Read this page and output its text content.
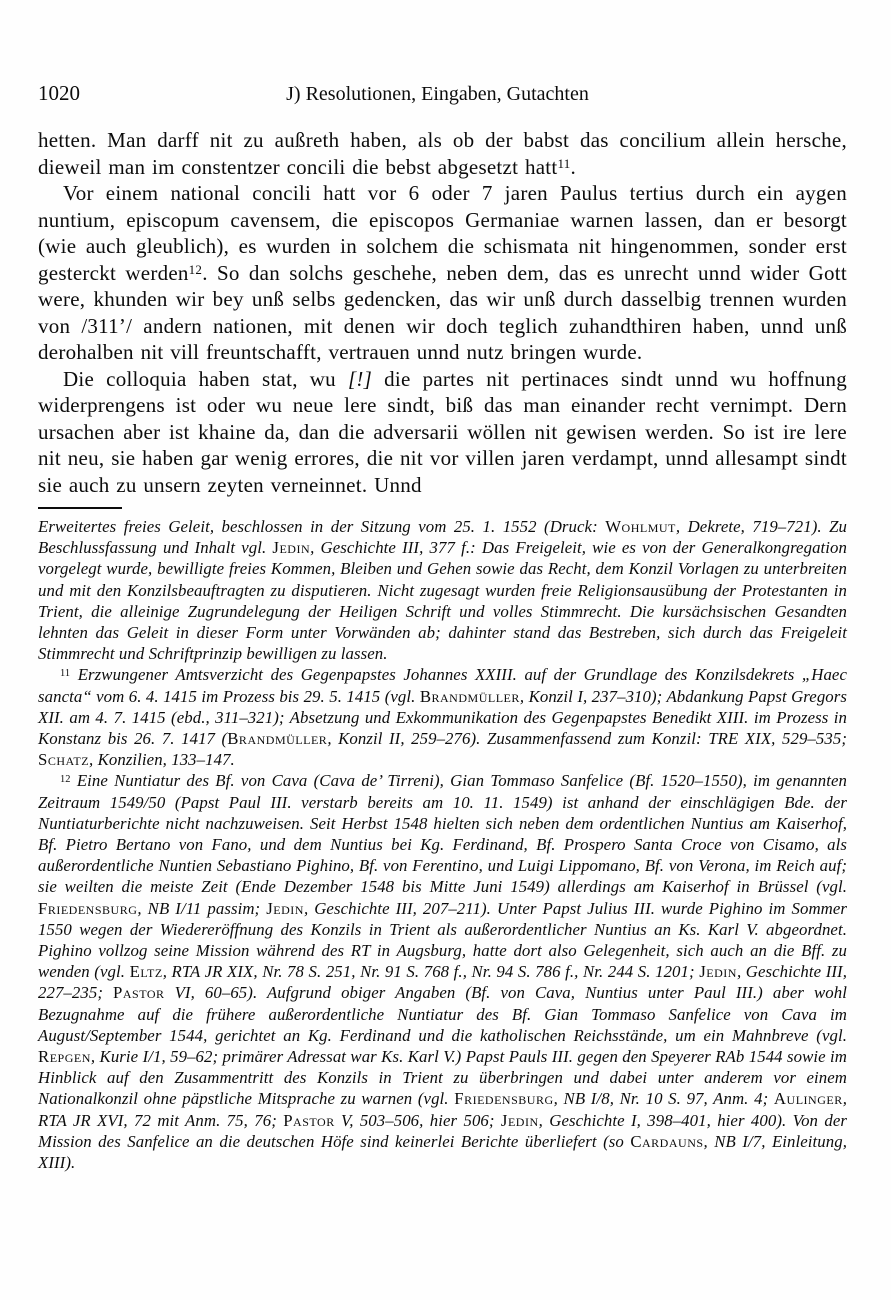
1020	J) Resolutionen, Eingaben, Gutachten

hetten. Man darff nit zu außreth haben, als ob der babst das concilium allein hersche, dieweil man im constentzer concili die bebst abgesetzt hatt$^{11}$.

Vor einem national concili hatt vor 6 oder 7 jaren Paulus tertius durch ein aygen nuntium, episcopum cavensem, die episcopos Germaniae warnen lassen, dan er besorgt (wie auch gleublich), es wurden in solchem die schismata nit hingenommen, sonder erst gesterckt werden$^{12}$. So dan solchs geschehe, neben dem, das es unrecht unnd wider Gott were, khunden wir bey unß selbs gedencken, das wir unß durch dasselbig trennen wurden von /311’/ andern nationen, mit denen wir doch teglich zuhandthiren haben, unnd unß derohalben nit vill freuntschafft, vertrauen unnd nutz bringen wurde.

Die colloquia haben stat, wu [!] die partes nit pertinaces sindt unnd wu hoffnung widerprengens ist oder wu neue lere sindt, biß das man einander recht vernimpt. Dern ursachen aber ist khaine da, dan die adversarii wöllen nit gewisen werden. So ist ire lere nit neu, sie haben gar wenig errores, die nit vor villen jaren verdampt, unnd allesampt sindt sie auch zu unsern zeyten verneinnet. Unnd

Erweitertes freies Geleit, beschlossen in der Sitzung vom 25. 1. 1552 (Druck: Wohlmut, Dekrete, 719–721). Zu Beschlussfassung und Inhalt vgl. Jedin, Geschichte III, 377 f.: Das Freigeleit, wie es von der Generalkongregation vorgelegt wurde, bewilligte freies Kommen, Bleiben und Gehen sowie das Recht, dem Konzil Vorlagen zu unterbreiten und mit den Konzilsbeauftragten zu disputieren. Nicht zugesagt wurden freie Religionsausübung der Protestanten in Trient, die alleinige Zugrundelegung der Heiligen Schrift und volles Stimmrecht. Die kursächsischen Gesandten lehnten das Geleit in dieser Form unter Vorwänden ab; dahinter stand das Bestreben, sich durch das Freigeleit Stimmrecht und Schriftprinzip bewilligen zu lassen.

$^{11}$ Erzwungener Amtsverzicht des Gegenpapstes Johannes XXIII. auf der Grundlage des Konzilsdekrets „Haec sancta“ vom 6. 4. 1415 im Prozess bis 29. 5. 1415 (vgl. Brandmüller, Konzil I, 237–310); Abdankung Papst Gregors XII. am 4. 7. 1415 (ebd., 311–321); Absetzung und Exkommunikation des Gegenpapstes Benedikt XIII. im Prozess in Konstanz bis 26. 7. 1417 (Brandmüller, Konzil II, 259–276). Zusammenfassend zum Konzil: TRE XIX, 529–535; Schatz, Konzilien, 133–147.

$^{12}$ Eine Nuntiatur des Bf. von Cava (Cava de’ Tirreni), Gian Tommaso Sanfelice (Bf. 1520–1550), im genannten Zeitraum 1549/50 (Papst Paul III. verstarb bereits am 10. 11. 1549) ist anhand der einschlägigen Bde. der Nuntiaturberichte nicht nachzuweisen. Seit Herbst 1548 hielten sich neben dem ordentlichen Nuntius am Kaiserhof, Bf. Pietro Bertano von Fano, und dem Nuntius bei Kg. Ferdinand, Bf. Prospero Santa Croce von Cisamo, als außerordentliche Nuntien Sebastiano Pighino, Bf. von Ferentino, und Luigi Lippomano, Bf. von Verona, im Reich auf; sie weilten die meiste Zeit (Ende Dezember 1548 bis Mitte Juni 1549) allerdings am Kaiserhof in Brüssel (vgl. Friedensburg, NB I/11 passim; Jedin, Geschichte III, 207–211). Unter Papst Julius III. wurde Pighino im Sommer 1550 wegen der Wiedereröffnung des Konzils in Trient als außerordentlicher Nuntius an Ks. Karl V. abgeordnet. Pighino vollzog seine Mission während des RT in Augsburg, hatte dort also Gelegenheit, sich auch an die Bff. zu wenden (vgl. Eltz, RTA JR XIX, Nr. 78 S. 251, Nr. 91 S. 768 f., Nr. 94 S. 786 f., Nr. 244 S. 1201; Jedin, Geschichte III, 227–235; Pastor VI, 60–65). Aufgrund obiger Angaben (Bf. von Cava, Nuntius unter Paul III.) aber wohl Bezugnahme auf die frühere außerordentliche Nuntiatur des Bf. Gian Tommaso Sanfelice von Cava im August/September 1544, gerichtet an Kg. Ferdinand und die katholischen Reichsstände, um ein Mahnbreve (vgl. Repgen, Kurie I/1, 59–62; primärer Adressat war Ks. Karl V.) Papst Pauls III. gegen den Speyerer RAb 1544 sowie im Hinblick auf den Zusammentritt des Konzils in Trient zu überbringen und dabei unter anderem vor einem Nationalkonzil ohne päpstliche Mitsprache zu warnen (vgl. Friedensburg, NB I/8, Nr. 10 S. 97, Anm. 4; Aulinger, RTA JR XVI, 72 mit Anm. 75, 76; Pastor V, 503–506, hier 506; Jedin, Geschichte I, 398–401, hier 400). Von der Mission des Sanfelice an die deutschen Höfe sind keinerlei Berichte überliefert (so Cardauns, NB I/7, Einleitung, XIII).
